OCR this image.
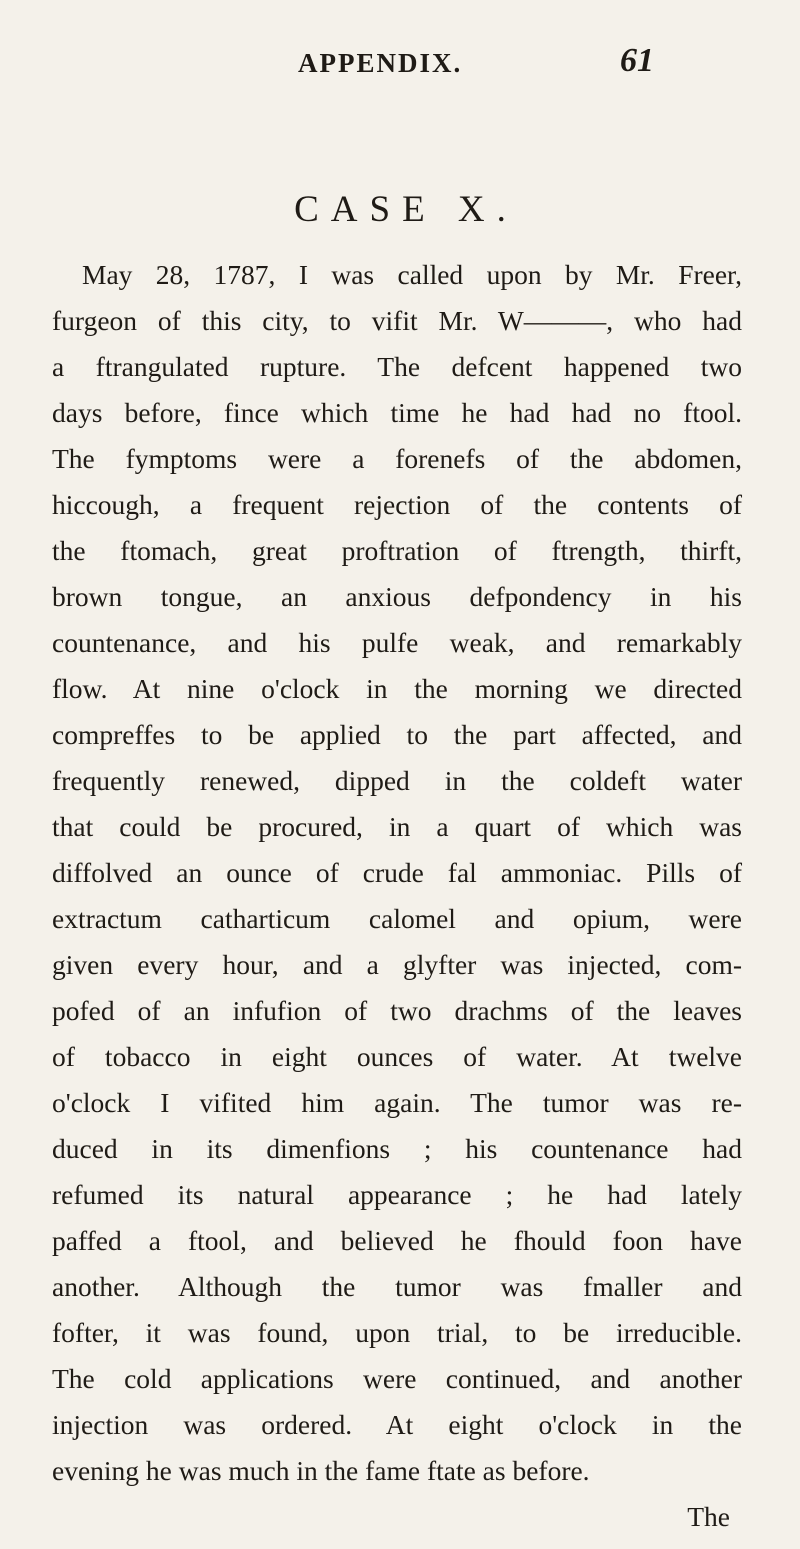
APPENDIX.	61
CASE X.
May 28, 1787, I was called upon by Mr. Freer,
furgeon of this city, to vifit Mr. W———, who had
a ftrangulated rupture. The defcent happened two
days before, fince which time he had had no ftool.
The fymptoms were a forenefs of the abdomen,
hiccough, a frequent rejection of the contents of
the ftomach, great proftration of ftrength, thirft,
brown tongue, an anxious defpondency in his
countenance, and his pulfe weak, and remarkably
flow. At nine o'clock in the morning we directed
compreffes to be applied to the part affected, and
frequently renewed, dipped in the coldeft water
that could be procured, in a quart of which was
diffolved an ounce of crude fal ammoniac. Pills of
extractum catharticum calomel and opium, were
given every hour, and a glyfter was injected, com-
pofed of an infufion of two drachms of the leaves
of tobacco in eight ounces of water. At twelve
o'clock I vifited him again. The tumor was re-
duced in its dimenfions ; his countenance had
refumed its natural appearance ; he had lately
paffed a ftool, and believed he fhould foon have
another. Although the tumor was fmaller and
fofter, it was found, upon trial, to be irreducible.
The cold applications were continued, and another
injection was ordered. At eight o'clock in the
evening he was much in the fame ftate as before.
The
